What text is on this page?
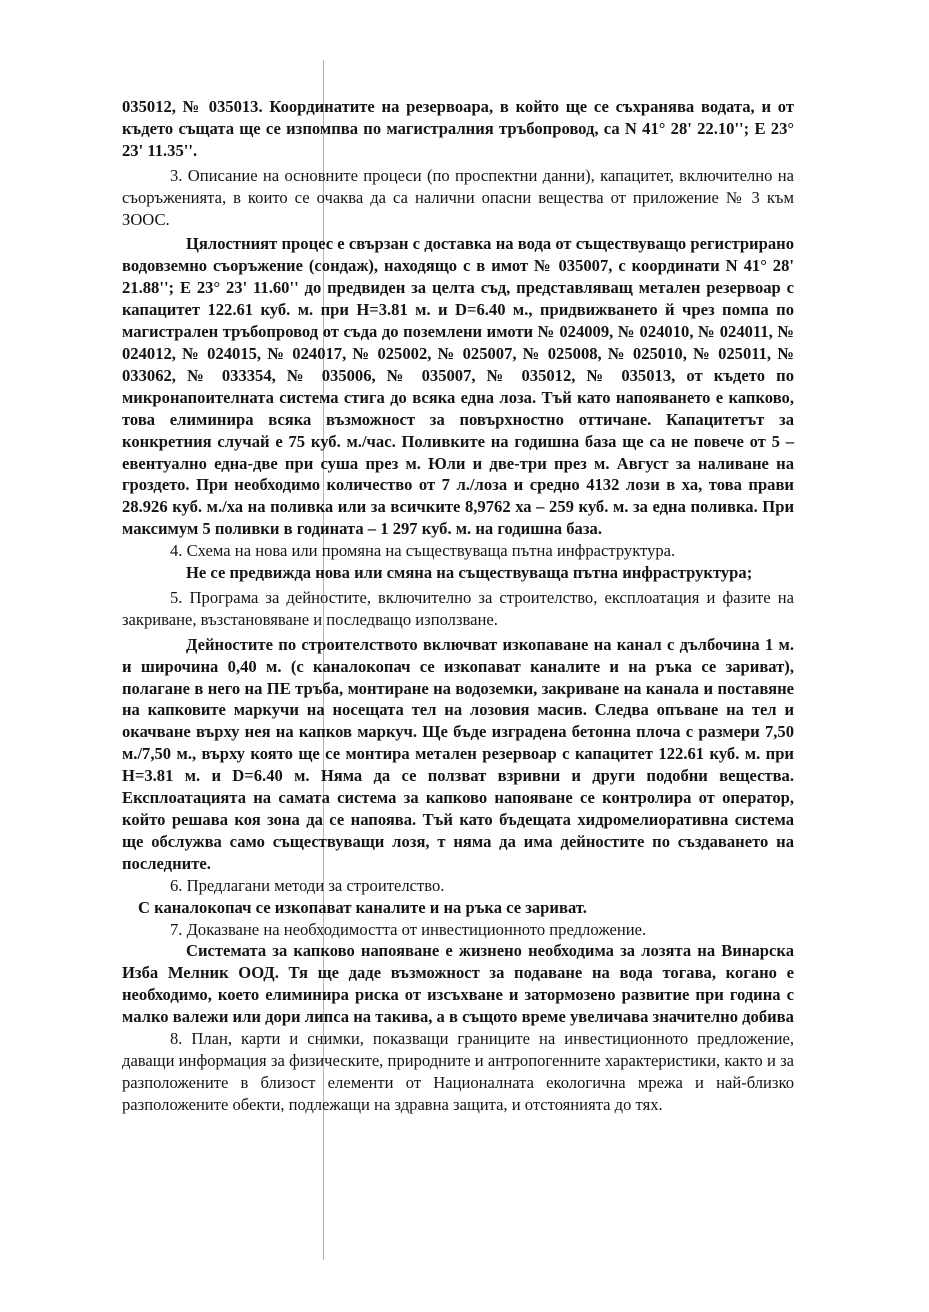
035012, № 035013. Координатите на резервоара, в който ще се съхранява водата, и от където същата ще се изпомпва по магистралния тръбопровод, са N 41° 28' 22.10''; E 23° 23' 11.35''.

3. Описание на основните процеси (по проспектни данни), капацитет, включително на съоръженията, в които се очаква да са налични опасни вещества от приложение № 3 към ЗООС.

Цялостният процес е свързан с доставка на вода от съществуващо регистрирано водовземно съоръжение (сондаж), находящо с в имот № 035007, с координати N 41° 28' 21.88''; E 23° 23' 11.60'' до предвиден за целта съд, представляващ метален резервоар с капацитет 122.61 куб. м. при H=3.81 м. и D=6.40 м., придвижването й чрез помпа по магистрален тръбопровод от съда до поземлени имоти № 024009, № 024010, № 024011, № 024012, № 024015, № 024017, № 025002, № 025007, № 025008, № 025010, № 025011, № 033062, № 033354, № 035006, № 035007, № 035012, № 035013, от където по микронапоителната система стига до всяка една лоза. Тъй като напояването е капково, това елиминира всяка възможност за повърхностно оттичане. Капацитетът за конкретния случай е 75 куб. м./час. Поливките на годишна база ще са не повече от 5 – евентуално една-две при суша през м. Юли и две-три през м. Август за наливане на гроздето. При необходимо количество от 7 л./лоза и средно 4132 лози в ха, това прави 28.926 куб. м./ха на поливка или за всичките 8,9762 ха – 259 куб. м. за една поливка. При максимум 5 поливки в годината – 1 297 куб. м. на годишна база.

4. Схема на нова или промяна на съществуваща пътна инфраструктура.

Не се предвижда нова или смяна на съществуваща пътна инфраструктура;

5. Програма за дейностите, включително за строителство, експлоатация и фазите на закриване, възстановяване и последващо използване.

Дейностите по строителството включват изкопаване на канал с дълбочина 1 м. и широчина 0,40 м. (с каналокопач се изкопават каналите и на ръка се зариват), полагане в него на ПЕ тръба, монтиране на водоземки, закриване на канала и поставяне на капковите маркучи на носещата тел на лозовия масив. Следва опъване на тел и окачване върху нея на капков маркуч. Ще бъде изградена бетонна плоча с размери 7,50 м./7,50 м., върху която ще се монтира метален резервоар с капацитет 122.61 куб. м. при H=3.81 м. и D=6.40 м. Няма да се ползват взривни и други подобни вещества. Експлоатацията на самата система за капково напояване се контролира от оператор, който решава коя зона да се напоява. Тъй като бъдещата хидромелиоративна система ще обслужва само съществуващи лозя, т няма да има дейностите по създаването на последните.

6. Предлагани методи за строителство.

С каналокопач се изкопават каналите и на ръка се зариват.

7. Доказване на необходимостта от инвестиционното предложение.

Системата за капково напояване е жизнено необходима за лозята на Винарска Изба Мелник ООД. Тя ще даде възможност за подаване на вода тогава, когано е необходимо, което елиминира риска от изсъхване и затормозено развитие при година с малко валежи или дори липса на такива, а в същото време увеличава значително добива

8. План, карти и снимки, показващи границите на инвестиционното предложение, даващи информация за физическите, природните и антропогенните характеристики, както и за разположените в близост елементи от Националната екологична мрежа и най-близко разположените обекти, подлежащи на здравна защита, и отстоянията до тях.
